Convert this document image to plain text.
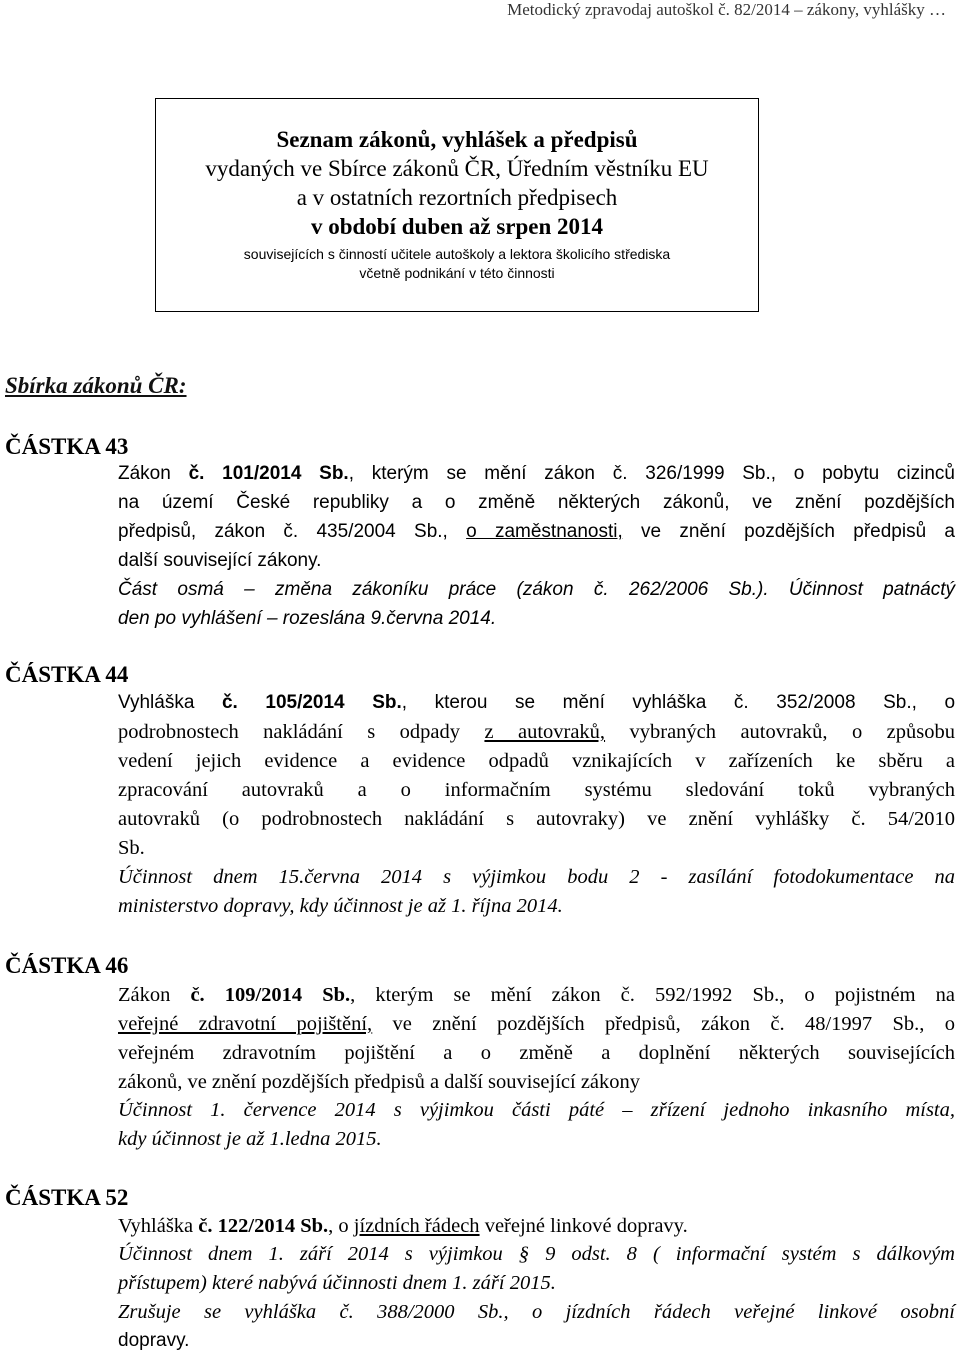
Metodický zpravodaj autoškol č. 82/2014 – zákony, vyhlášky …
Seznam zákonů, vyhlášek a předpisů
vydaných ve Sbírce zákonů ČR, Úředním věstníku EU
a v ostatních rezortních předpisech
v období duben až srpen 2014
souvisejících s činností učitele autoškoly a lektora školicího střediska
včetně podnikání v této činnosti
Sbírka zákonů ČR:
ČÁSTKA 43
Zákon č. 101/2014 Sb., kterým se mění zákon č. 326/1999 Sb., o pobytu cizinců
na území České republiky a o změně některých zákonů, ve znění pozdějších
předpisů, zákon č. 435/2004 Sb., o zaměstnanosti, ve znění pozdějších předpisů a
další související zákony.
Část osmá – změna zákoníku práce (zákon č. 262/2006 Sb.). Účinnost patnáctý
den po vyhlášení – rozeslána 9.června 2014.
ČÁSTKA 44
Vyhláška č. 105/2014 Sb., kterou se mění vyhláška č. 352/2008 Sb., o
podrobnostech nakládání s odpady z autovraků, vybraných autovraků, o způsobu
vedení jejich evidence a evidence odpadů vznikajících v zařízeních ke sběru a
zpracování autovraků a o informačním systému sledování toků vybraných
autovraků (o podrobnostech nakládání s autovraky) ve znění vyhlášky č. 54/2010
Sb.
Účinnost dnem 15.června 2014 s výjimkou bodu 2 - zasílání fotodokumentace na
ministerstvo dopravy, kdy účinnost je až 1. října 2014.
ČÁSTKA 46
Zákon č. 109/2014 Sb., kterým se mění zákon č. 592/1992 Sb., o pojistném na
veřejné zdravotní pojištění, ve znění pozdějších předpisů, zákon č. 48/1997 Sb., o
veřejném zdravotním pojištění a o změně a doplnění některých souvisejících
zákonů, ve znění pozdějších předpisů a další související zákony
Účinnost 1. července 2014 s výjimkou části páté – zřízení jednoho inkasního místa,
kdy účinnost je až 1.ledna 2015.
ČÁSTKA 52
Vyhláška č. 122/2014 Sb., o jízdních řádech veřejné linkové dopravy.
Účinnost dnem 1. září 2014 s výjimkou § 9 odst. 8 ( informační systém s dálkovým
přístupem) které nabývá účinnosti dnem 1. září 2015.
Zrušuje se vyhláška č. 388/2000 Sb., o jízdních řádech veřejné linkové osobní
dopravy.
